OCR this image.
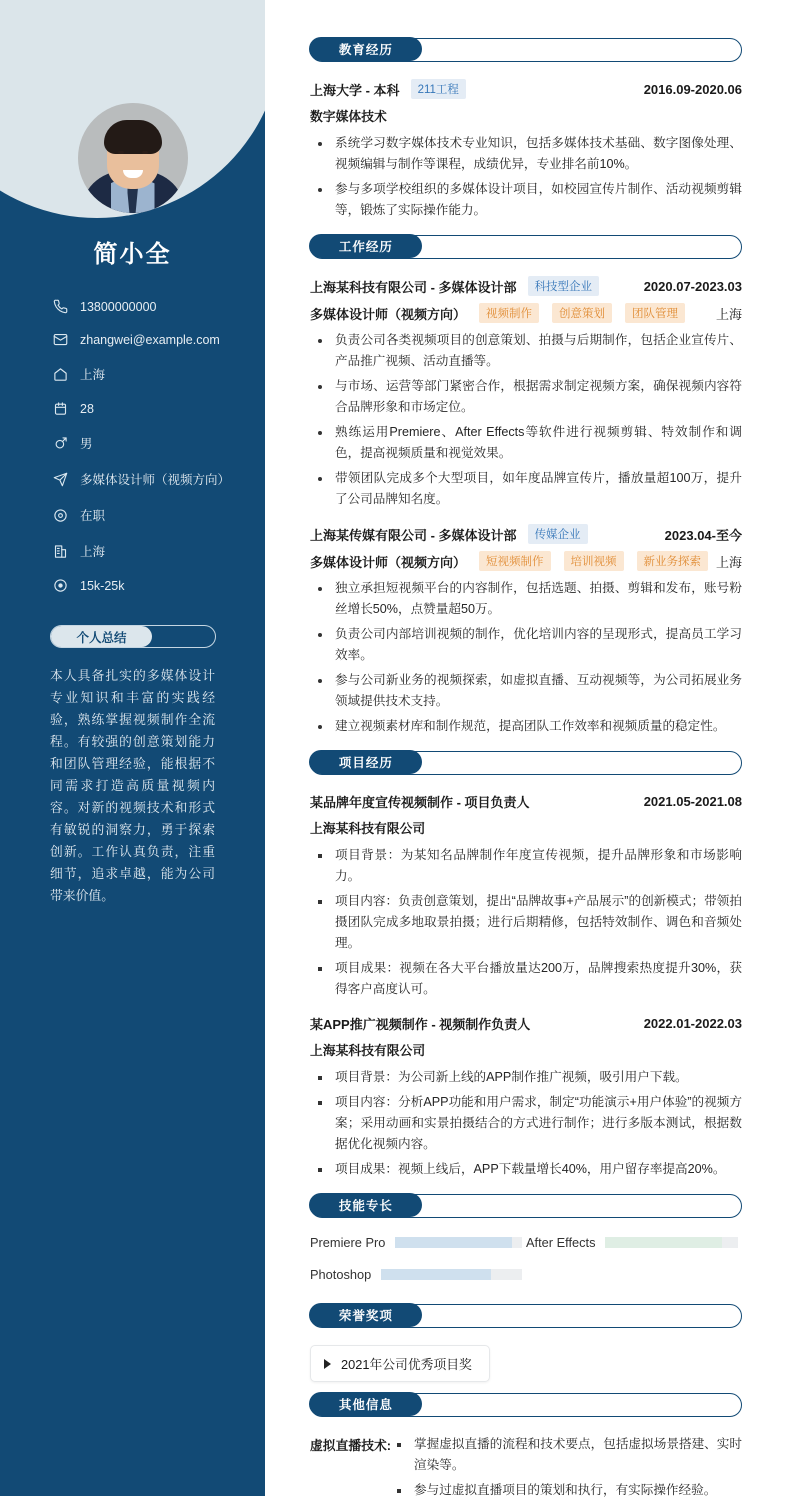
简小全
13800000000
zhangwei@example.com
上海
28
男
多媒体设计师（视频方向）
在职
上海
15k-25k
个人总结
本人具备扎实的多媒体设计专业知识和丰富的实践经验，熟练掌握视频制作全流程。有较强的创意策划能力和团队管理经验，能根据不同需求打造高质量视频内容。对新的视频技术和形式有敏锐的洞察力，勇于探索创新。工作认真负责，注重细节，追求卓越，能为公司带来价值。
教育经历
上海大学 - 本科	211工程	2016.09-2020.06
数字媒体技术
系统学习数字媒体技术专业知识，包括多媒体技术基础、数字图像处理、视频编辑与制作等课程，成绩优异，专业排名前10%。
参与多项学校组织的多媒体设计项目，如校园宣传片制作、活动视频剪辑等，锻炼了实际操作能力。
工作经历
上海某科技有限公司 - 多媒体设计部	科技型企业	2020.07-2023.03
多媒体设计师（视频方向）	视频制作	创意策划	团队管理	上海
负责公司各类视频项目的创意策划、拍摄与后期制作，包括企业宣传片、产品推广视频、活动直播等。
与市场、运营等部门紧密合作，根据需求制定视频方案，确保视频内容符合品牌形象和市场定位。
熟练运用Premiere、After Effects等软件进行视频剪辑、特效制作和调色，提高视频质量和视觉效果。
带领团队完成多个大型项目，如年度品牌宣传片，播放量超100万，提升了公司品牌知名度。
上海某传媒有限公司 - 多媒体设计部	传媒企业	2023.04-至今
多媒体设计师（视频方向）	短视频制作	培训视频	新业务探索	上海
独立承担短视频平台的内容制作，包括选题、拍摄、剪辑和发布，账号粉丝增长50%，点赞量超50万。
负责公司内部培训视频的制作，优化培训内容的呈现形式，提高员工学习效率。
参与公司新业务的视频探索，如虚拟直播、互动视频等，为公司拓展业务领域提供技术支持。
建立视频素材库和制作规范，提高团队工作效率和视频质量的稳定性。
项目经历
某品牌年度宣传视频制作 - 项目负责人	2021.05-2021.08
上海某科技有限公司
项目背景：为某知名品牌制作年度宣传视频，提升品牌形象和市场影响力。
项目内容：负责创意策划，提出“品牌故事+产品展示”的创新模式；带领拍摄团队完成多地取景拍摄；进行后期精修，包括特效制作、调色和音频处理。
项目成果：视频在各大平台播放量达200万，品牌搜索热度提升30%，获得客户高度认可。
某APP推广视频制作 - 视频制作负责人	2022.01-2022.03
上海某科技有限公司
项目背景：为公司新上线的APP制作推广视频，吸引用户下载。
项目内容：分析APP功能和用户需求，制定“功能演示+用户体验”的视频方案；采用动画和实景拍摄结合的方式进行制作；进行多版本测试，根据数据优化视频内容。
项目成果：视频上线后，APP下载量增长40%，用户留存率提高20%。
技能专长
Premiere Pro	After Effects
Photoshop
荣誉奖项
2021年公司优秀项目奖
其他信息
虚拟直播技术:	掌握虚拟直播的流程和技术要点，包括虚拟场景搭建、实时渲染等。
参与过虚拟直播项目的策划和执行，有实际操作经验。
